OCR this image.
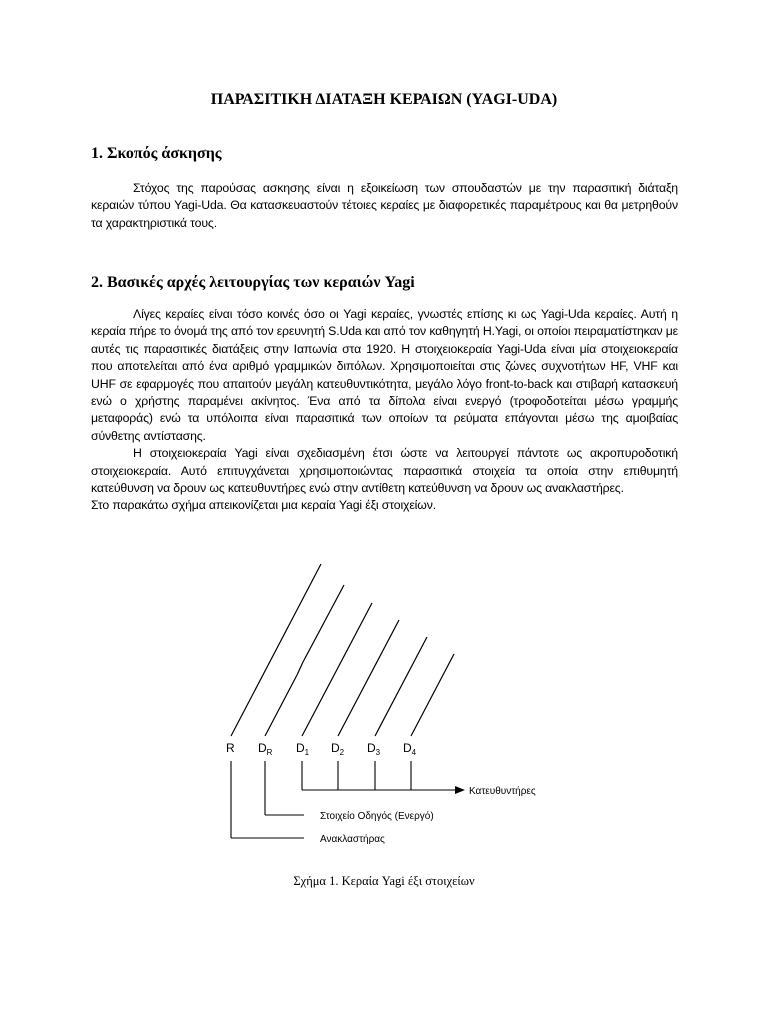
ΠΑΡΑΣΙΤΙΚΗ ΔΙΑΤΑΞΗ ΚΕΡΑΙΩΝ (YAGI-UDA)
1. Σκοπός άσκησης

Στόχος της παρούσας ασκησης είναι η εξοικείωση των σπουδαστών με την παρασιτική διάταξη κεραιών τύπου Yagi-Uda. Θα κατασκευαστούν τέτοιες κεραίες με διαφορετικές παραμέτρους και θα μετρηθούν τα χαρακτηριστικά τους.

2. Βασικές αρχές λειτουργίας των κεραιών Yagi

Λίγες κεραίες είναι τόσο κοινές όσο οι Yagi κεραίες, γνωστές επίσης κι ως Yagi-Uda κεραίες. Αυτή η κεραία πήρε το όνομά της από τον ερευνητή S.Uda και από τον καθηγητή H.Yagi, οι οποίοι πειραματίστηκαν με αυτές τις παρασιτικές διατάξεις στην Ιαπωνία στα 1920. Η στοιχειοκεραία Yagi-Uda είναι μία στοιχειοκεραία που αποτελείται από ένα αριθμό γραμμικών διπόλων. Χρησιμοποιείται στις ζώνες συχνοτήτων HF, VHF και UHF σε εφαρμογές που απαιτούν μεγάλη κατευθυντικότητα, μεγάλο λόγο front-to-back και στιβαρή κατασκευή ενώ ο χρήστης παραμένει ακίνητος. Ένα από τα δίπολα είναι ενεργό (τροφοδοτείται μέσω γραμμής μεταφοράς) ενώ τα υπόλοιπα είναι παρασιτικά των οποίων τα ρεύματα επάγονται μέσω της αμοιβαίας σύνθετης αντίστασης.

Η στοιχειοκεραία Yagi είναι σχεδιασμένη έτσι ώστε να λειτουργεί πάντοτε ως ακροπυροδοτική στοιχειοκεραία. Αυτό επιτυγχάνεται χρησιμοποιώντας παρασιτικά στοιχεία τα οποία στην επιθυμητή κατεύθυνση να δρουν ως κατευθυντήρες ενώ στην αντίθετη κατεύθυνση να δρουν ως ανακλαστήρες.

Στο παρακάτω σχήμα απεικονίζεται μια κεραία Yagi έξι στοιχείων.

R $D_R$ $D_1$ $D_2$ $D_3$ $D_4$
Κατευθυντήρες
Στοιχείο Οδηγός (Ενεργό)
Ανακλαστήρας

Σχήμα 1. Κεραία Yagi έξι στοιχείων
